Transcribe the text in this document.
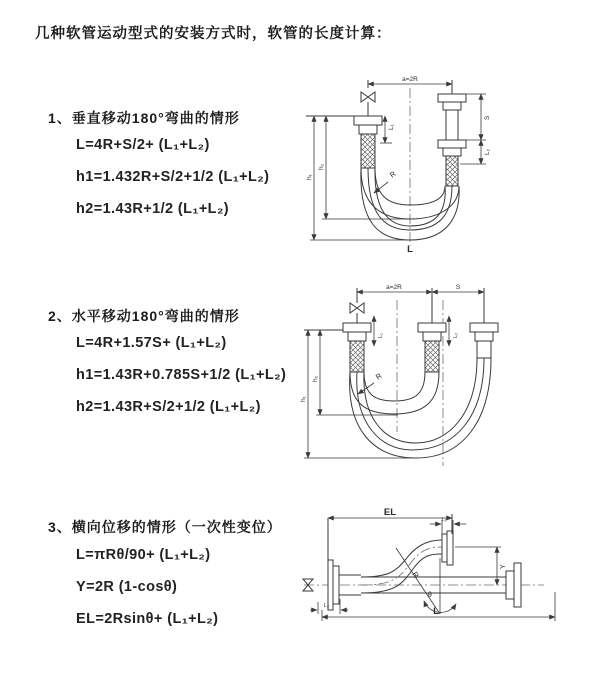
几种软管运动型式的安装方式时，软管的长度计算：
1、垂直移动180°弯曲的情形
L=4R+S/2+ (L₁+L₂)
h1=1.432R+S/2+1/2 (L₁+L₂)
h2=1.43R+1/2 (L₁+L₂)
2、水平移动180°弯曲的情形
L=4R+1.57S+ (L₁+L₂)
h1=1.43R+0.785S+1/2 (L₁+L₂)
h2=1.43R+S/2+1/2 (L₁+L₂)
3、横向位移的情形（一次性变位）
L=πRθ/90+ (L₁+L₂)
Y=2R (1-cosθ)
EL=2Rsinθ+ (L₁+L₂)
a=2R
L₁
S
L₂
h₁
h₂
R
L
a=2R	S
L₁	L₂
h₁
h₂	R
θ
R
EL
L₁
Y
L₂	L
